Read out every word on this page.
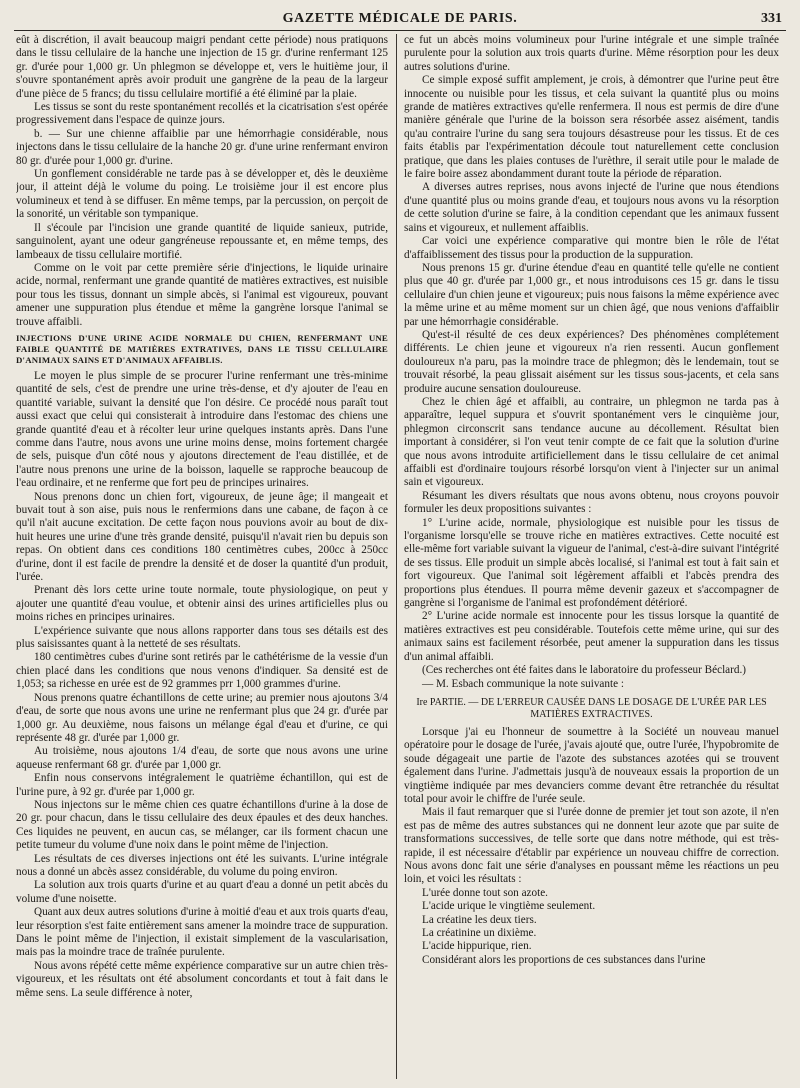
GAZETTE MÉDICALE DE PARIS.	331

eût à discrétion, il avait beaucoup maigri pendant cette période) nous pratiquons dans le tissu cellulaire de la hanche une injection de 15 gr. d'urine renfermant 125 gr. d'urée pour 1,000 gr. Un phlegmon se développe et, vers le huitième jour, il s'ouvre spontanément après avoir produit une gangrène de la peau de la largeur d'une pièce de 5 francs; du tissu cellulaire mortifié a été éliminé par la plaie.

Les tissus se sont du reste spontanément recollés et la cicatrisation s'est opérée progressivement dans l'espace de quinze jours.

b. — Sur une chienne affaiblie par une hémorrhagie considérable, nous injectons dans le tissu cellulaire de la hanche 20 gr. d'une urine renfermant environ 80 gr. d'urée pour 1,000 gr. d'urine.

Un gonflement considérable ne tarde pas à se développer et, dès le deuxième jour, il atteint déjà le volume du poing. Le troisième jour il est encore plus volumineux et tend à se diffuser. En même temps, par la percussion, on perçoit de la sonorité, un véritable son tympanique.

Il s'écoule par l'incision une grande quantité de liquide sanieux, putride, sanguinolent, ayant une odeur gangréneuse repoussante et, en même temps, des lambeaux de tissu cellulaire mortifié.

Comme on le voit par cette première série d'injections, le liquide urinaire acide, normal, renfermant une grande quantité de matières extractives, est nuisible pour tous les tissus, donnant un simple abcès, si l'animal est vigoureux, pouvant amener une suppuration plus étendue et même la gangrène lorsque l'animal se trouve affaibli.

INJECTIONS D'UNE URINE ACIDE NORMALE DU CHIEN, RENFERMANT UNE FAIBLE QUANTITÉ DE MATIÈRES EXTRATIVES, DANS LE TISSU CELLULAIRE D'ANIMAUX SAINS ET D'ANIMAUX AFFAIBLIS.

Le moyen le plus simple de se procurer l'urine renfermant une très-minime quantité de sels, c'est de prendre une urine très-dense, et d'y ajouter de l'eau en quantité variable, suivant la densité que l'on désire. Ce procédé nous paraît tout aussi exact que celui qui consisterait à introduire dans l'estomac des chiens une grande quantité d'eau et à récolter leur urine quelques instants après. Dans l'une comme dans l'autre, nous avons une urine moins dense, moins fortement chargée de sels, puisque d'un côté nous y ajoutons directement de l'eau distillée, et de l'autre nous prenons une urine de la boisson, laquelle se rapproche beaucoup de l'eau ordinaire, et ne renferme que fort peu de principes urinaires.

Nous prenons donc un chien fort, vigoureux, de jeune âge; il mangeait et buvait tout à son aise, puis nous le renfermions dans une cabane, de façon à ce qu'il n'ait aucune excitation. De cette façon nous pouvions avoir au bout de dix-huit heures une urine d'une très grande densité, puisqu'il n'avait rien bu depuis son repas. On obtient dans ces conditions 180 centimètres cubes, 200cc à 250cc d'urine, dont il est facile de prendre la densité et de doser la quantité d'un produit, l'urée.

Prenant dès lors cette urine toute normale, toute physiologique, on peut y ajouter une quantité d'eau voulue, et obtenir ainsi des urines artificielles plus ou moins riches en principes urinaires.

L'expérience suivante que nous allons rapporter dans tous ses détails est des plus saisissantes quant à la netteté de ses résultats.

180 centimètres cubes d'urine sont retirés par le cathétérisme de la vessie d'un chien placé dans les conditions que nous venons d'indiquer. Sa densité est de 1,053; sa richesse en urée est de 92 grammes prr 1,000 grammes d'urine.

Nous prenons quatre échantillons de cette urine; au premier nous ajoutons 3/4 d'eau, de sorte que nous avons une urine ne renfermant plus que 24 gr. d'urée par 1,000 gr. Au deuxième, nous faisons un mélange égal d'eau et d'urine, ce qui représente 48 gr. d'urée par 1,000 gr.

Au troisième, nous ajoutons 1/4 d'eau, de sorte que nous avons une urine aqueuse renfermant 68 gr. d'urée par 1,000 gr.

Enfin nous conservons intégralement le quatrième échantillon, qui est de l'urine pure, à 92 gr. d'urée par 1,000 gr.

Nous injectons sur le même chien ces quatre échantillons d'urine à la dose de 20 gr. pour chacun, dans le tissu cellulaire des deux épaules et des deux hanches. Ces liquides ne peuvent, en aucun cas, se mélanger, car ils forment chacun une petite tumeur du volume d'une noix dans le point même de l'injection.

Les résultats de ces diverses injections ont été les suivants. L'urine intégrale nous a donné un abcès assez considérable, du volume du poing environ.

La solution aux trois quarts d'urine et au quart d'eau a donné un petit abcès du volume d'une noisette.

Quant aux deux autres solutions d'urine à moitié d'eau et aux trois quarts d'eau, leur résorption s'est faite entièrement sans amener la moindre trace de suppuration. Dans le point même de l'injection, il existait simplement de la vascularisation, mais pas la moindre trace de traînée purulente.

Nous avons répété cette même expérience comparative sur un autre chien très-vigoureux, et les résultats ont été absolument concordants et tout à fait dans le même sens. La seule différence à noter,

ce fut un abcès moins volumineux pour l'urine intégrale et une simple traînée purulente pour la solution aux trois quarts d'urine. Même résorption pour les deux autres solutions d'urine.

Ce simple exposé suffit amplement, je crois, à démontrer que l'urine peut être innocente ou nuisible pour les tissus, et cela suivant la quantité plus ou moins grande de matières extractives qu'elle renfermera. Il nous est permis de dire d'une manière générale que l'urine de la boisson sera résorbée assez aisément, tandis qu'au contraire l'urine du sang sera toujours désastreuse pour les tissus. Et de ces faits établis par l'expérimentation découle tout naturellement cette conclusion pratique, que dans les plaies contuses de l'urèthre, il serait utile pour le malade de le faire boire assez abondamment durant toute la période de réparation.

A diverses autres reprises, nous avons injecté de l'urine que nous étendions d'une quantité plus ou moins grande d'eau, et toujours nous avons vu la résorption de cette solution d'urine se faire, à la condition cependant que les animaux fussent sains et vigoureux, et nullement affaiblis.

Car voici une expérience comparative qui montre bien le rôle de l'état d'affaiblissement des tissus pour la production de la suppuration.

Nous prenons 15 gr. d'urine étendue d'eau en quantité telle qu'elle ne contient plus que 40 gr. d'urée par 1,000 gr., et nous introduisons ces 15 gr. dans le tissu cellulaire d'un chien jeune et vigoureux; puis nous faisons la même expérience avec la même urine et au même moment sur un chien âgé, que nous venions d'affaiblir par une hémorrhagie considérable.

Qu'est-il résulté de ces deux expériences? Des phénomènes complétement différents. Le chien jeune et vigoureux n'a rien ressenti. Aucun gonflement douloureux n'a paru, pas la moindre trace de phlegmon; dès le lendemain, tout se trouvait résorbé, la peau glissait aisément sur les tissus sous-jacents, et cela sans produire aucune sensation douloureuse.

Chez le chien âgé et affaibli, au contraire, un phlegmon ne tarda pas à apparaître, lequel suppura et s'ouvrit spontanément vers le cinquième jour, phlegmon circonscrit sans tendance aucune au décollement. Résultat bien important à considérer, si l'on veut tenir compte de ce fait que la solution d'urine que nous avons introduite artificiellement dans le tissu cellulaire de cet animal affaibli est d'ordinaire toujours résorbé lorsqu'on vient à l'injecter sur un animal sain et vigoureux.

Résumant les divers résultats que nous avons obtenu, nous croyons pouvoir formuler les deux propositions suivantes :

1° L'urine acide, normale, physiologique est nuisible pour les tissus de l'organisme lorsqu'elle se trouve riche en matières extractives. Cette nocuité est elle-même fort variable suivant la vigueur de l'animal, c'est-à-dire suivant l'intégrité de ses tissus. Elle produit un simple abcès localisé, si l'animal est tout à fait sain et fort vigoureux. Que l'animal soit légèrement affaibli et l'abcès prendra des proportions plus étendues. Il pourra même devenir gazeux et s'accompagner de gangrène si l'organisme de l'animal est profondément détérioré.

2° L'urine acide normale est innocente pour les tissus lorsque la quantité de matières extractives est peu considérable. Toutefois cette même urine, qui sur des animaux sains est facilement résorbée, peut amener la suppuration dans les tissus d'un animal affaibli.

(Ces recherches ont été faites dans le laboratoire du professeur Béclard.)

— M. Esbach communique la note suivante :

Ire PARTIE. — DE L'ERREUR CAUSÉE DANS LE DOSAGE DE L'URÉE PAR LES MATIÈRES EXTRACTIVES.

Lorsque j'ai eu l'honneur de soumettre à la Société un nouveau manuel opératoire pour le dosage de l'urée, j'avais ajouté que, outre l'urée, l'hypobromite de soude dégageait une partie de l'azote des substances azotées qui se trouvent également dans l'urine. J'admettais jusqu'à de nouveaux essais la proportion de un vingtième indiquée par mes devanciers comme devant être retranchée du résultat total pour avoir le chiffre de l'urée seule.

Mais il faut remarquer que si l'urée donne de premier jet tout son azote, il n'en est pas de même des autres substances qui ne donnent leur azote que par suite de transformations successives, de telle sorte que dans notre méthode, qui est très-rapide, il est nécessaire d'établir par expérience un nouveau chiffre de correction. Nous avons donc fait une série d'analyses en poussant même les réactions un peu loin, et voici les résultats :

L'urée donne tout son azote.

L'acide urique le vingtième seulement.

La créatine les deux tiers.

La créatinine un dixième.

L'acide hippurique, rien.

Considérant alors les proportions de ces substances dans l'urine
